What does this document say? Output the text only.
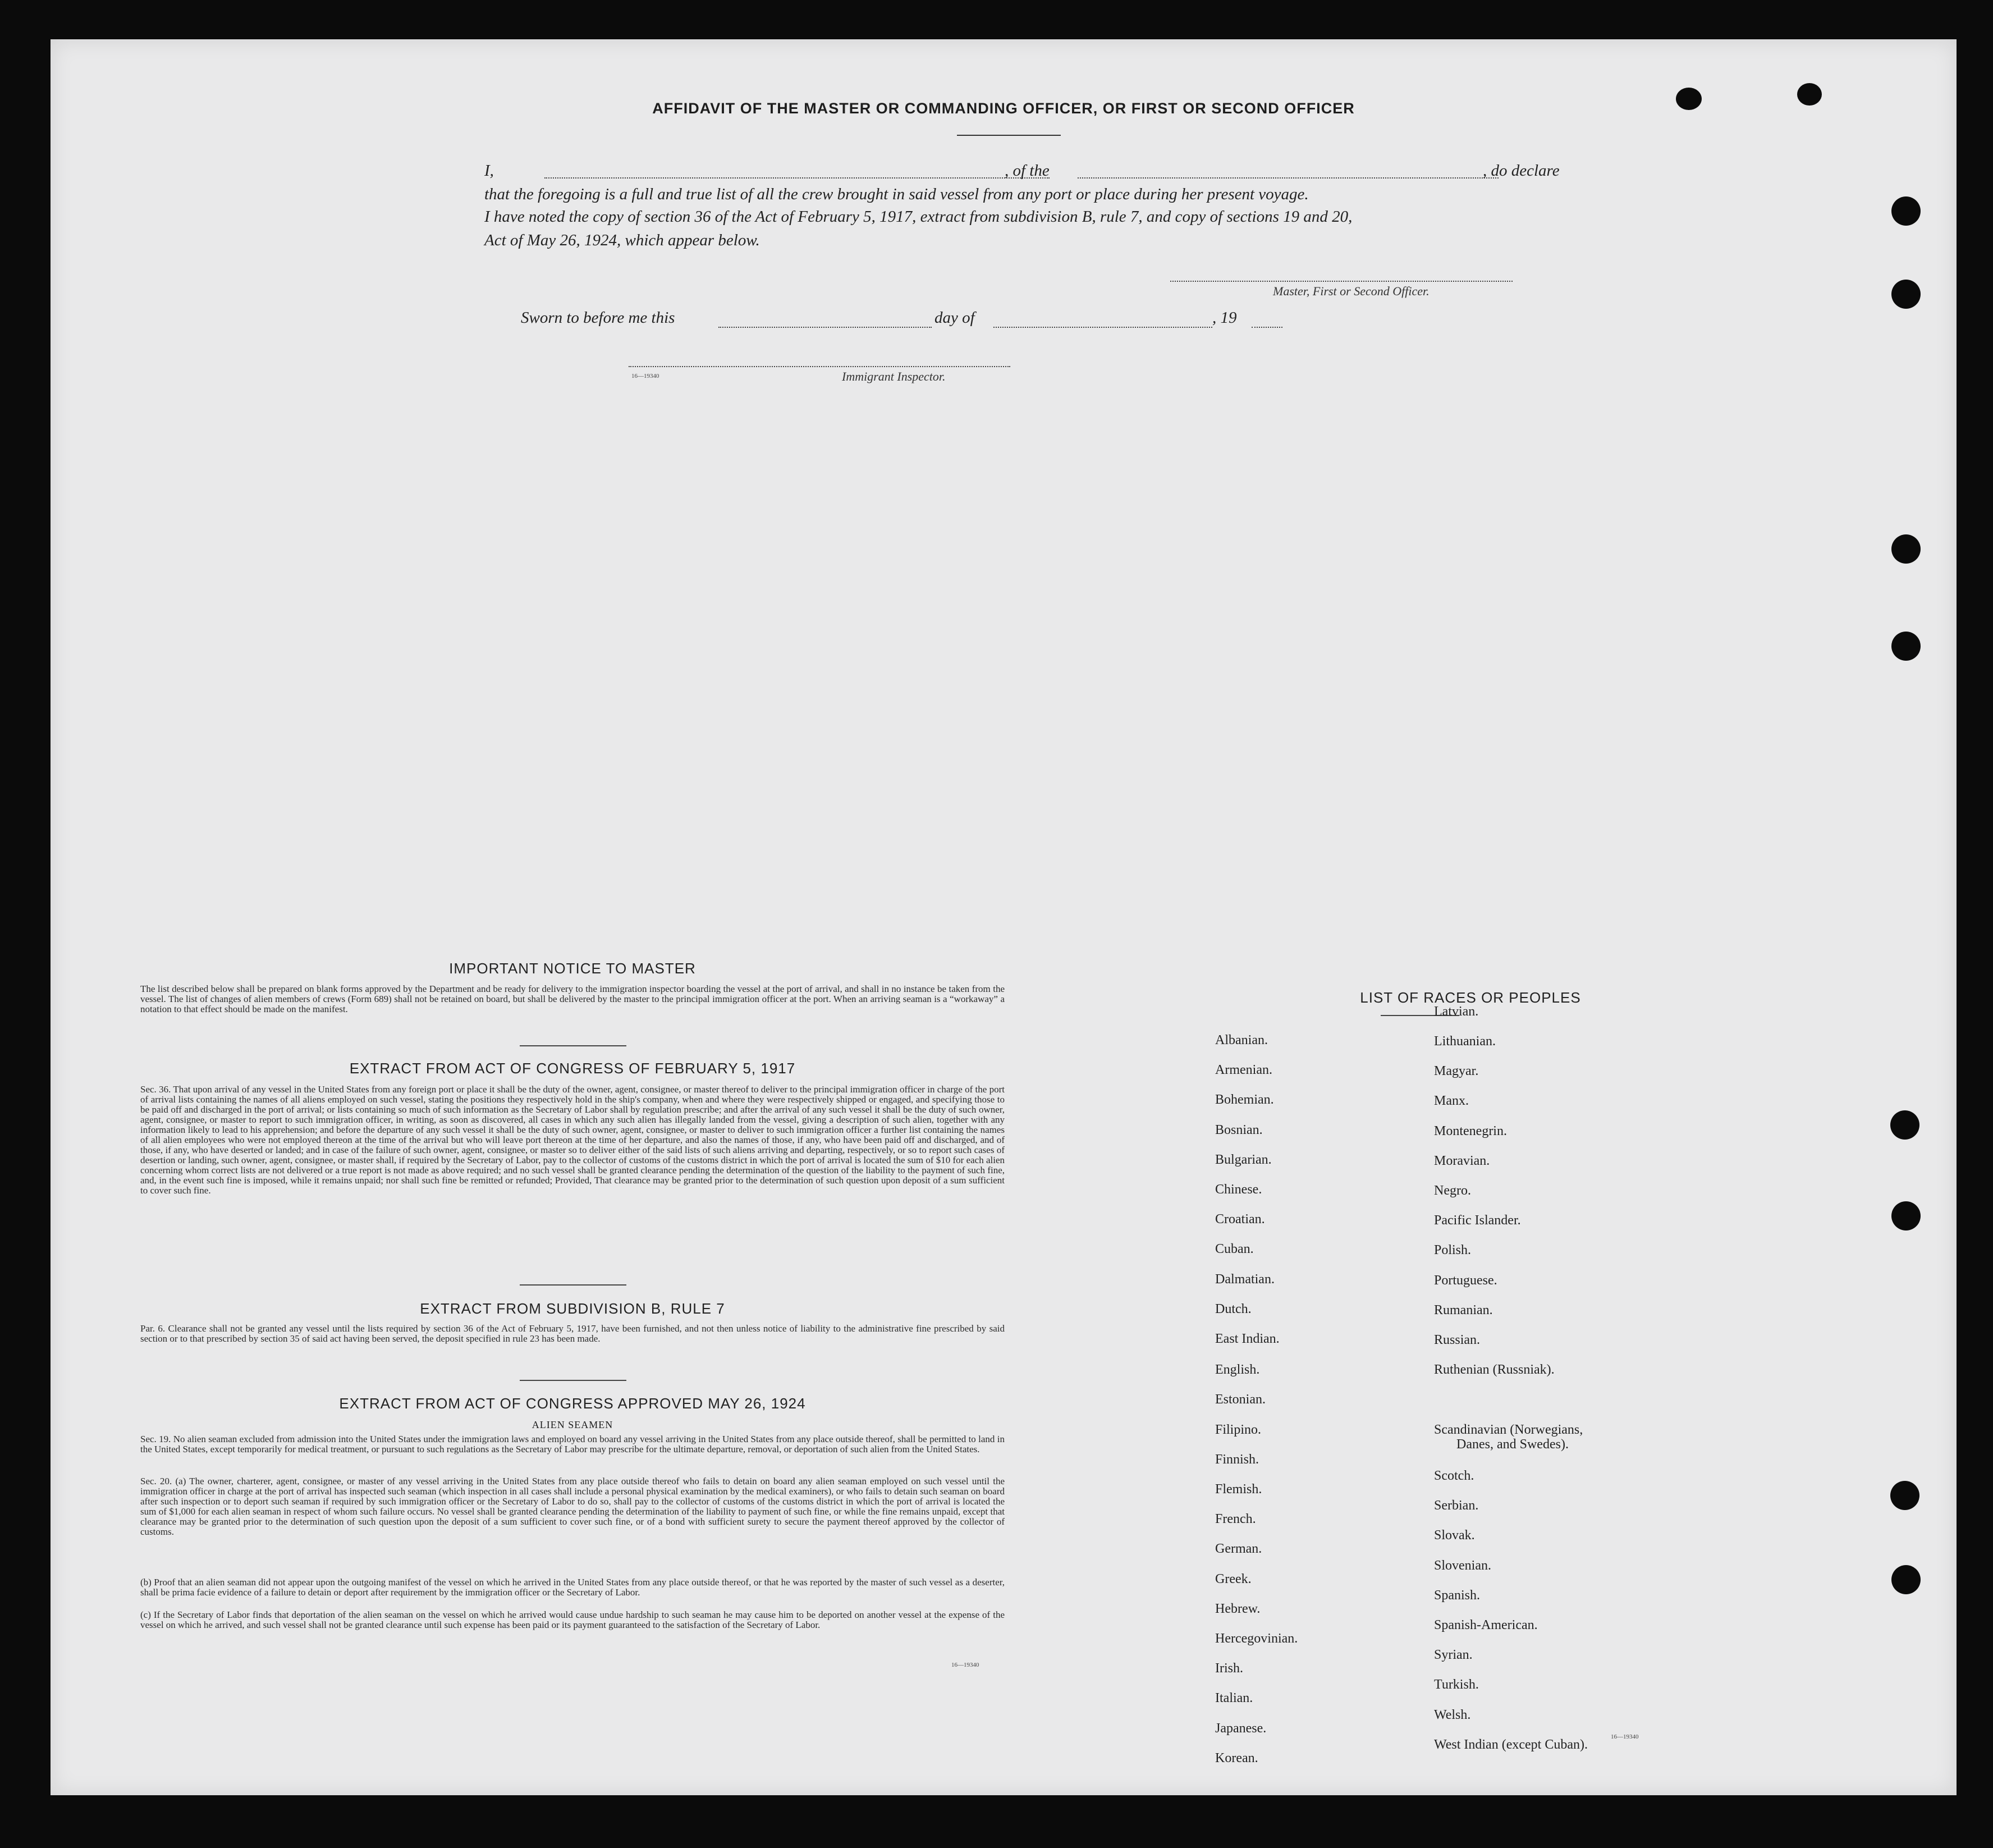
AFFIDAVIT OF THE MASTER OR COMMANDING OFFICER, OR FIRST OR SECOND OFFICER
I,	, of the	, do declare
that the foregoing is a full and true list of all the crew brought in said vessel from any port or place during her present voyage.
I have noted the copy of section 36 of the Act of February 5, 1917, extract from subdivision B, rule 7, and copy of sections 19 and 20,
Act of May 26, 1924, which appear below.
Master, First or Second Officer.
Sworn to before me this	day of	, 19
16—19340	Immigrant Inspector.
IMPORTANT NOTICE TO MASTER

The list described below shall be prepared on blank forms approved by the Department and be ready for delivery to the immigration inspector boarding the vessel at the port of arrival, and shall in no instance be taken from the vessel. The list of changes of alien members of crews (Form 689) shall not be retained on board, but shall be delivered by the master to the principal immigration officer at the port. When an arriving seaman is a “workaway” a notation to that effect should be made on the manifest.

EXTRACT FROM ACT OF CONGRESS OF FEBRUARY 5, 1917

Sec. 36. That upon arrival of any vessel in the United States from any foreign port or place it shall be the duty of the owner, agent, consignee, or master thereof to deliver to the principal immigration officer in charge of the port of arrival lists containing the names of all aliens employed on such vessel, stating the positions they respectively hold in the ship's company, when and where they were respectively shipped or engaged, and specifying those to be paid off and discharged in the port of arrival; or lists containing so much of such information as the Secretary of Labor shall by regulation prescribe; and after the arrival of any such vessel it shall be the duty of such owner, agent, consignee, or master to report to such immigration officer, in writing, as soon as discovered, all cases in which any such alien has illegally landed from the vessel, giving a description of such alien, together with any information likely to lead to his apprehension; and before the departure of any such vessel it shall be the duty of such owner, agent, consignee, or master to deliver to such immigration officer a further list containing the names of all alien employees who were not employed thereon at the time of the arrival but who will leave port thereon at the time of her departure, and also the names of those, if any, who have been paid off and discharged, and of those, if any, who have deserted or landed; and in case of the failure of such owner, agent, consignee, or master so to deliver either of the said lists of such aliens arriving and departing, respectively, or so to report such cases of desertion or landing, such owner, agent, consignee, or master shall, if required by the Secretary of Labor, pay to the collector of customs of the customs district in which the port of arrival is located the sum of $10 for each alien concerning whom correct lists are not delivered or a true report is not made as above required; and no such vessel shall be granted clearance pending the determination of the question of the liability to the payment of such fine, and, in the event such fine is imposed, while it remains unpaid; nor shall such fine be remitted or refunded; Provided, That clearance may be granted prior to the determination of such question upon deposit of a sum sufficient to cover such fine.

EXTRACT FROM SUBDIVISION B, RULE 7

Par. 6. Clearance shall not be granted any vessel until the lists required by section 36 of the Act of February 5, 1917, have been furnished, and not then unless notice of liability to the administrative fine prescribed by said section or to that prescribed by section 35 of said act having been served, the deposit specified in rule 23 has been made.

EXTRACT FROM ACT OF CONGRESS APPROVED MAY 26, 1924
ALIEN SEAMEN

Sec. 19. No alien seaman excluded from admission into the United States under the immigration laws and employed on board any vessel arriving in the United States from any place outside thereof, shall be permitted to land in the United States, except temporarily for medical treatment, or pursuant to such regulations as the Secretary of Labor may prescribe for the ultimate departure, removal, or deportation of such alien from the United States.

Sec. 20. (a) The owner, charterer, agent, consignee, or master of any vessel arriving in the United States from any place outside thereof who fails to detain on board any alien seaman employed on such vessel until the immigration officer in charge at the port of arrival has inspected such seaman (which inspection in all cases shall include a personal physical examination by the medical examiners), or who fails to detain such seaman on board after such inspection or to deport such seaman if required by such immigration officer or the Secretary of Labor to do so, shall pay to the collector of customs of the customs district in which the port of arrival is located the sum of $1,000 for each alien seaman in respect of whom such failure occurs. No vessel shall be granted clearance pending the determination of the liability to payment of such fine, or while the fine remains unpaid, except that clearance may be granted prior to the determination of such question upon the deposit of a sum sufficient to cover such fine, or of a bond with sufficient surety to secure the payment thereof approved by the collector of customs.

(b) Proof that an alien seaman did not appear upon the outgoing manifest of the vessel on which he arrived in the United States from any place outside thereof, or that he was reported by the master of such vessel as a deserter, shall be prima facie evidence of a failure to detain or deport after requirement by the immigration officer or the Secretary of Labor.

(c) If the Secretary of Labor finds that deportation of the alien seaman on the vessel on which he arrived would cause undue hardship to such seaman he may cause him to be deported on another vessel at the expense of the vessel on which he arrived, and such vessel shall not be granted clearance until such expense has been paid or its payment guaranteed to the satisfaction of the Secretary of Labor.

16—19340
LIST OF RACES OR PEOPLES
16—19340
Albanian.
Armenian.
Bohemian.
Bosnian.
Bulgarian.
Chinese.
Croatian.
Cuban.
Dalmatian.
Dutch.
East Indian.
English.
Estonian.
Filipino.
Finnish.
Flemish.
French.
German.
Greek.
Hebrew.
Hercegovinian.
Irish.
Italian.
Japanese.
Korean.
Latvian.
Lithuanian.
Magyar.
Manx.
Montenegrin.
Moravian.
Negro.
Pacific Islander.
Polish.
Portuguese.
Rumanian.
Russian.
Ruthenian (Russniak).
Scandinavian (Norwegians,
Danes, and Swedes).
Scotch.
Serbian.
Slovak.
Slovenian.
Spanish.
Spanish-American.
Syrian.
Turkish.
Welsh.
West Indian (except Cuban).
